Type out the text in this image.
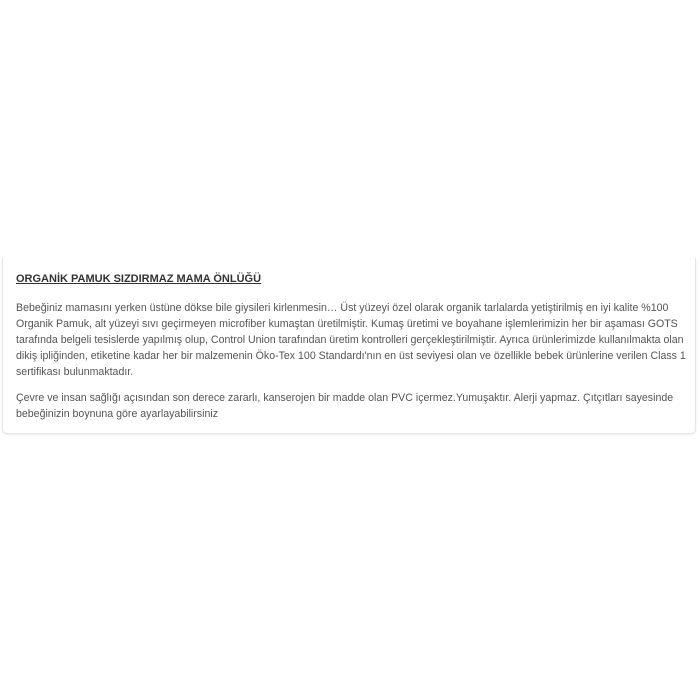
ORGANİK PAMUK SIZDIRMAZ MAMA ÖNLÜĞÜ

Bebeğiniz mamasını yerken üstüne dökse bile giysileri kirlenmesin… Üst yüzeyi özel olarak organik tarlalarda yetiştirilmiş en iyi kalite %100 Organik Pamuk, alt yüzeyi sıvı geçirmeyen microfiber kumaştan üretilmiştir. Kumaş üretimi ve boyahane işlemlerimizin her bir aşaması GOTS tarafında belgeli tesislerde yapılmış olup, Control Union tarafından üretim kontrolleri gerçekleştirilmiştir. Ayrıca ürünlerimizde kullanılmakta olan dikiş ipliğinden, etiketine kadar her bir malzemenin Öko-Tex 100 Standardı'nın en üst seviyesi olan ve özellikle bebek ürünlerine verilen Class 1 sertifikası bulunmaktadır.

Çevre ve insan sağlığı açısından son derece zararlı, kanserojen bir madde olan PVC içermez.Yumuşaktır. Alerji yapmaz. Çıtçıtları sayesinde bebeğinizin boynuna göre ayarlayabilirsiniz
